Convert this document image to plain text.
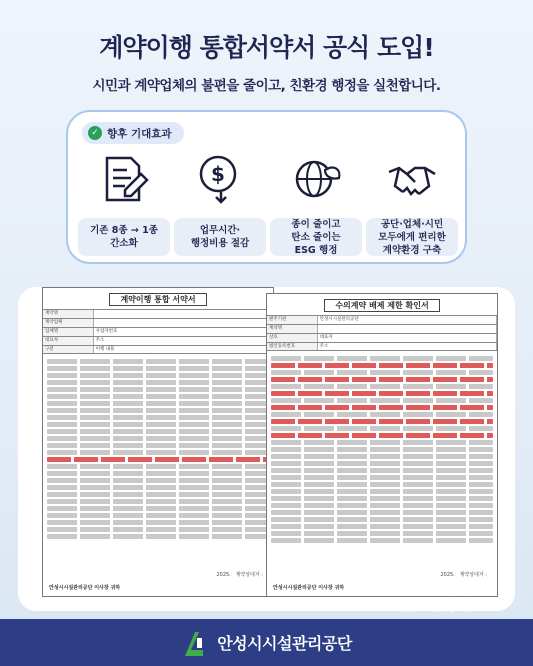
계약이행 통합서약서 공식 도입!
시민과 계약업체의 불편을 줄이고, 친환경 행정을 실천합니다.
✓ 향후 기대효과
기존 8종 → 1종
간소화
$
업무시간·
행정비용 절감
종이 줄이고
탄소 줄이는
ESG 행정
공단·업체·시민
모두에게 편리한
계약환경 구축
계약이행 통합 서약서
계약명
계약업체
업체명	사업자번호
대표자	주소
구분	이행 내용
2025. 계약상대자 :
안성시시설관리공단 이사장 귀하
수의계약 배제 제한 확인서
발주기관	안성시시설관리공단
계약명
상호	대표자
법인등록번호	주소
2025. 계약상대자 :
안성시시설관리공단 이사장 귀하
뉴스온경기
안성시시설관리공단
